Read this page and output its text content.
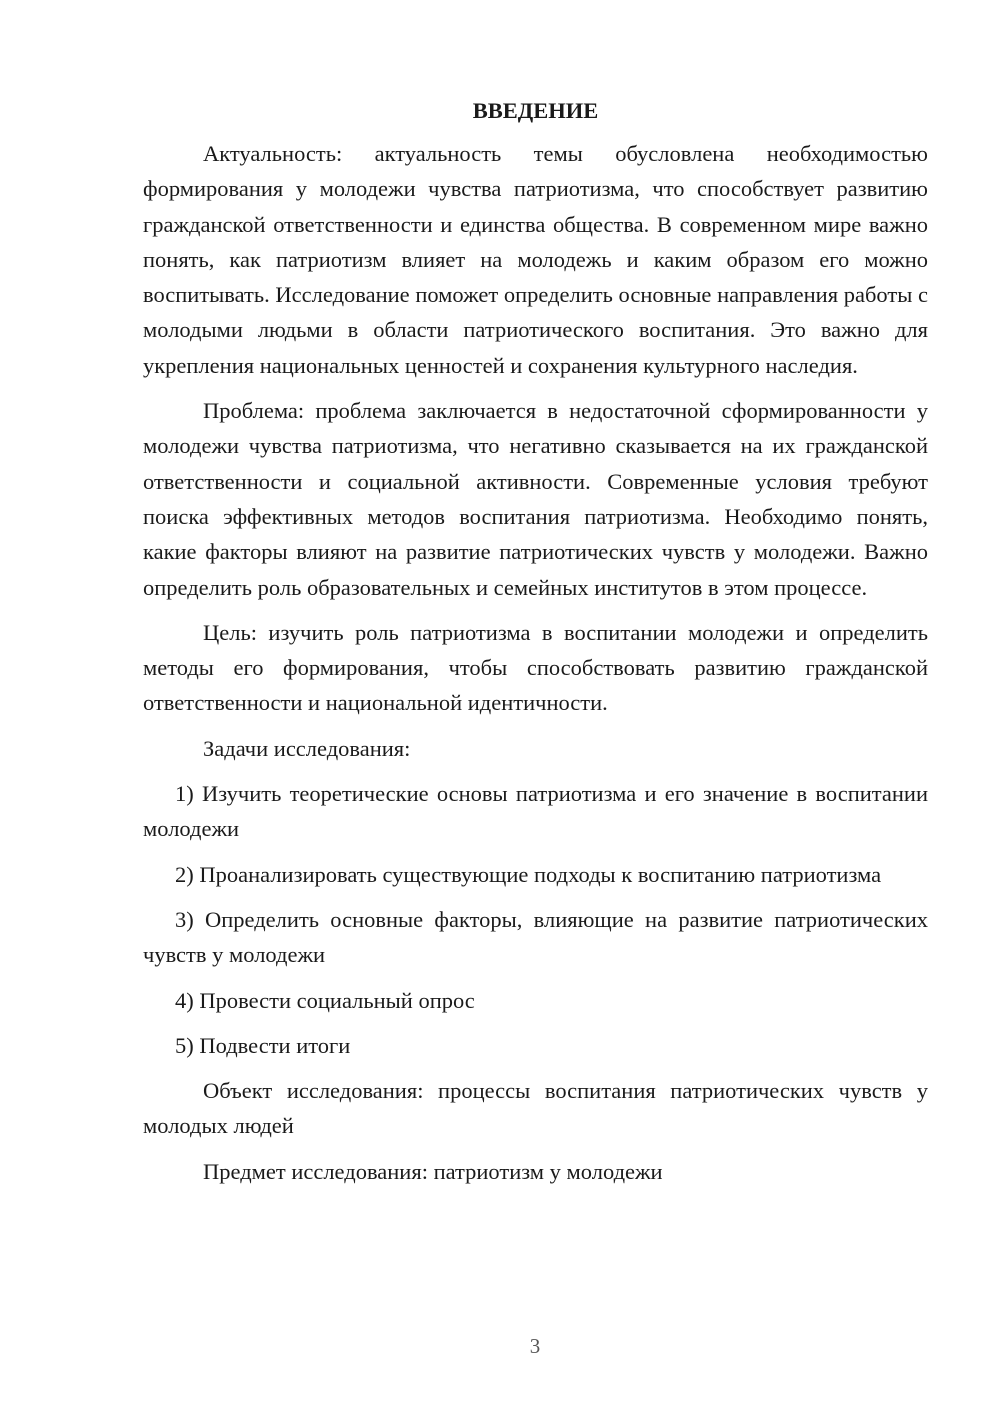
ВВЕДЕНИЕ

Актуальность: актуальность темы обусловлена необходимостью формирования у молодежи чувства патриотизма, что способствует развитию гражданской ответственности и единства общества. В современном мире важно понять, как патриотизм влияет на молодежь и каким образом его можно воспитывать. Исследование поможет определить основные направления работы с молодыми людьми в области патриотического воспитания. Это важно для укрепления национальных ценностей и сохранения культурного наследия.

Проблема: проблема заключается в недостаточной сформированности у молодежи чувства патриотизма, что негативно сказывается на их гражданской ответственности и социальной активности. Современные условия требуют поиска эффективных методов воспитания патриотизма. Необходимо понять, какие факторы влияют на развитие патриотических чувств у молодежи. Важно определить роль образовательных и семейных институтов в этом процессе.

Цель: изучить роль патриотизма в воспитании молодежи и определить методы его формирования, чтобы способствовать развитию гражданской ответственности и национальной идентичности.

Задачи исследования:

1) Изучить теоретические основы патриотизма и его значение в воспитании молодежи

2) Проанализировать существующие подходы к воспитанию патриотизма

3) Определить основные факторы, влияющие на развитие патриотических чувств у молодежи

4) Провести социальный опрос

5) Подвести итоги

Объект исследования: процессы воспитания патриотических чувств у молодых людей

Предмет исследования: патриотизм у молодежи

3
